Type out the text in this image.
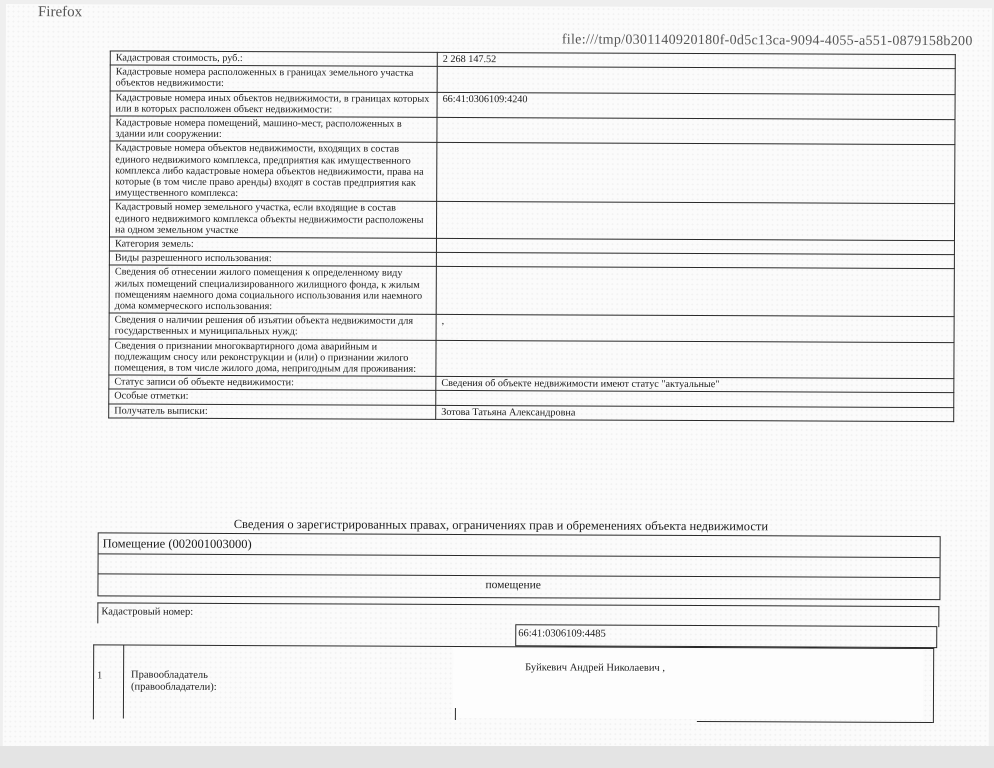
Firefox
file:///tmp/0301140920180f-0d5c13ca-9094-4055-a551-0879158b200
Кадастровая стоимость, руб.:	2 268 147.52
Кадастровые номера расположенных в границах земельного участка объектов недвижимости:	
Кадастровые номера иных объектов недвижимости, в границах которых или в которых расположен объект недвижимости:	66:41:0306109:4240
Кадастровые номера помещений, машино-мест, расположенных в здании или сооружении:	
Кадастровые номера объектов недвижимости, входящих в состав единого недвижимого комплекса, предприятия как имущественного комплекса либо кадастровые номера объектов недвижимости, права на которые (в том числе право аренды) входят в состав предприятия как имущественного комплекса:	
Кадастровый номер земельного участка, если входящие в состав единого недвижимого комплекса объекты недвижимости расположены на одном земельном участке	
Категория земель:	
Виды разрешенного использования:	
Сведения об отнесении жилого помещения к определенному виду жилых помещений специализированного жилищного фонда, к жилым помещениям наемного дома социального использования или наемного дома коммерческого использования:	
Сведения о наличии решения об изъятии объекта недвижимости для государственных и муниципальных нужд:	,
Сведения о признании многоквартирного дома аварийным и подлежащим сносу или реконструкции и (или) о признании жилого помещения, в том числе жилого дома, непригодным для проживания:	
Статус записи об объекте недвижимости:	Сведения об объекте недвижимости имеют статус "актуальные"
Особые отметки:	
Получатель выписки:	Зотова Татьяна Александровна
Сведения о зарегистрированных правах, ограничениях прав и обременениях объекта недвижимости
Помещение (002001003000)
помещение
Кадастровый номер:
66:41:0306109:4485
1	Правообладатель (правообладатели):
Буйкевич Андрей Николаевич ,
